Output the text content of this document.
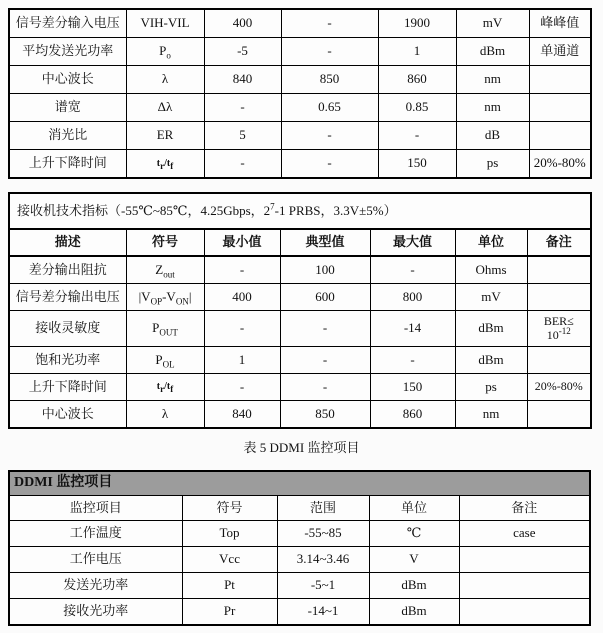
信号差分输入电压	VIH-VIL	400	-	1900	mV	峰峰值
平均发送光功率	$P_o$	-5	-	1	dBm	单通道
中心波长	λ	840	850	860	nm	
谱宽	Δλ	-	0.65	0.85	nm	
消光比	ER	5	-	-	dB	
上升下降时间	$t_r/t_f$	-	-	150	ps	20%-80%
接收机技术指标（-55℃~85℃，4.25Gbps，$2^7-1$ PRBS，3.3V±5%）						
描述	符号	最小值	典型值	最大值	单位	备注
差分输出阻抗	$Z_{out}$	-	100	-	Ohms	
信号差分输出电压	$|V_{OP}-V_{ON}|$	400	600	800	mV	
接收灵敏度	$P_{OUT}$	-	-	-14	dBm	BER≤
$10^{-12}$
饱和光功率	$P_{OL}$	1	-	-	dBm	
上升下降时间	$t_r/t_f$	-	-	150	ps	20%-80%
中心波长	λ	840	850	860	nm	
表 5 DDMI 监控项目
DDMI 监控项目				
监控项目	符号	范围	单位	备注
工作温度	Top	-55~85	℃	case
工作电压	Vcc	3.14~3.46	V	
发送光功率	Pt	-5~1	dBm	
接收光功率	Pr	-14~1	dBm	
